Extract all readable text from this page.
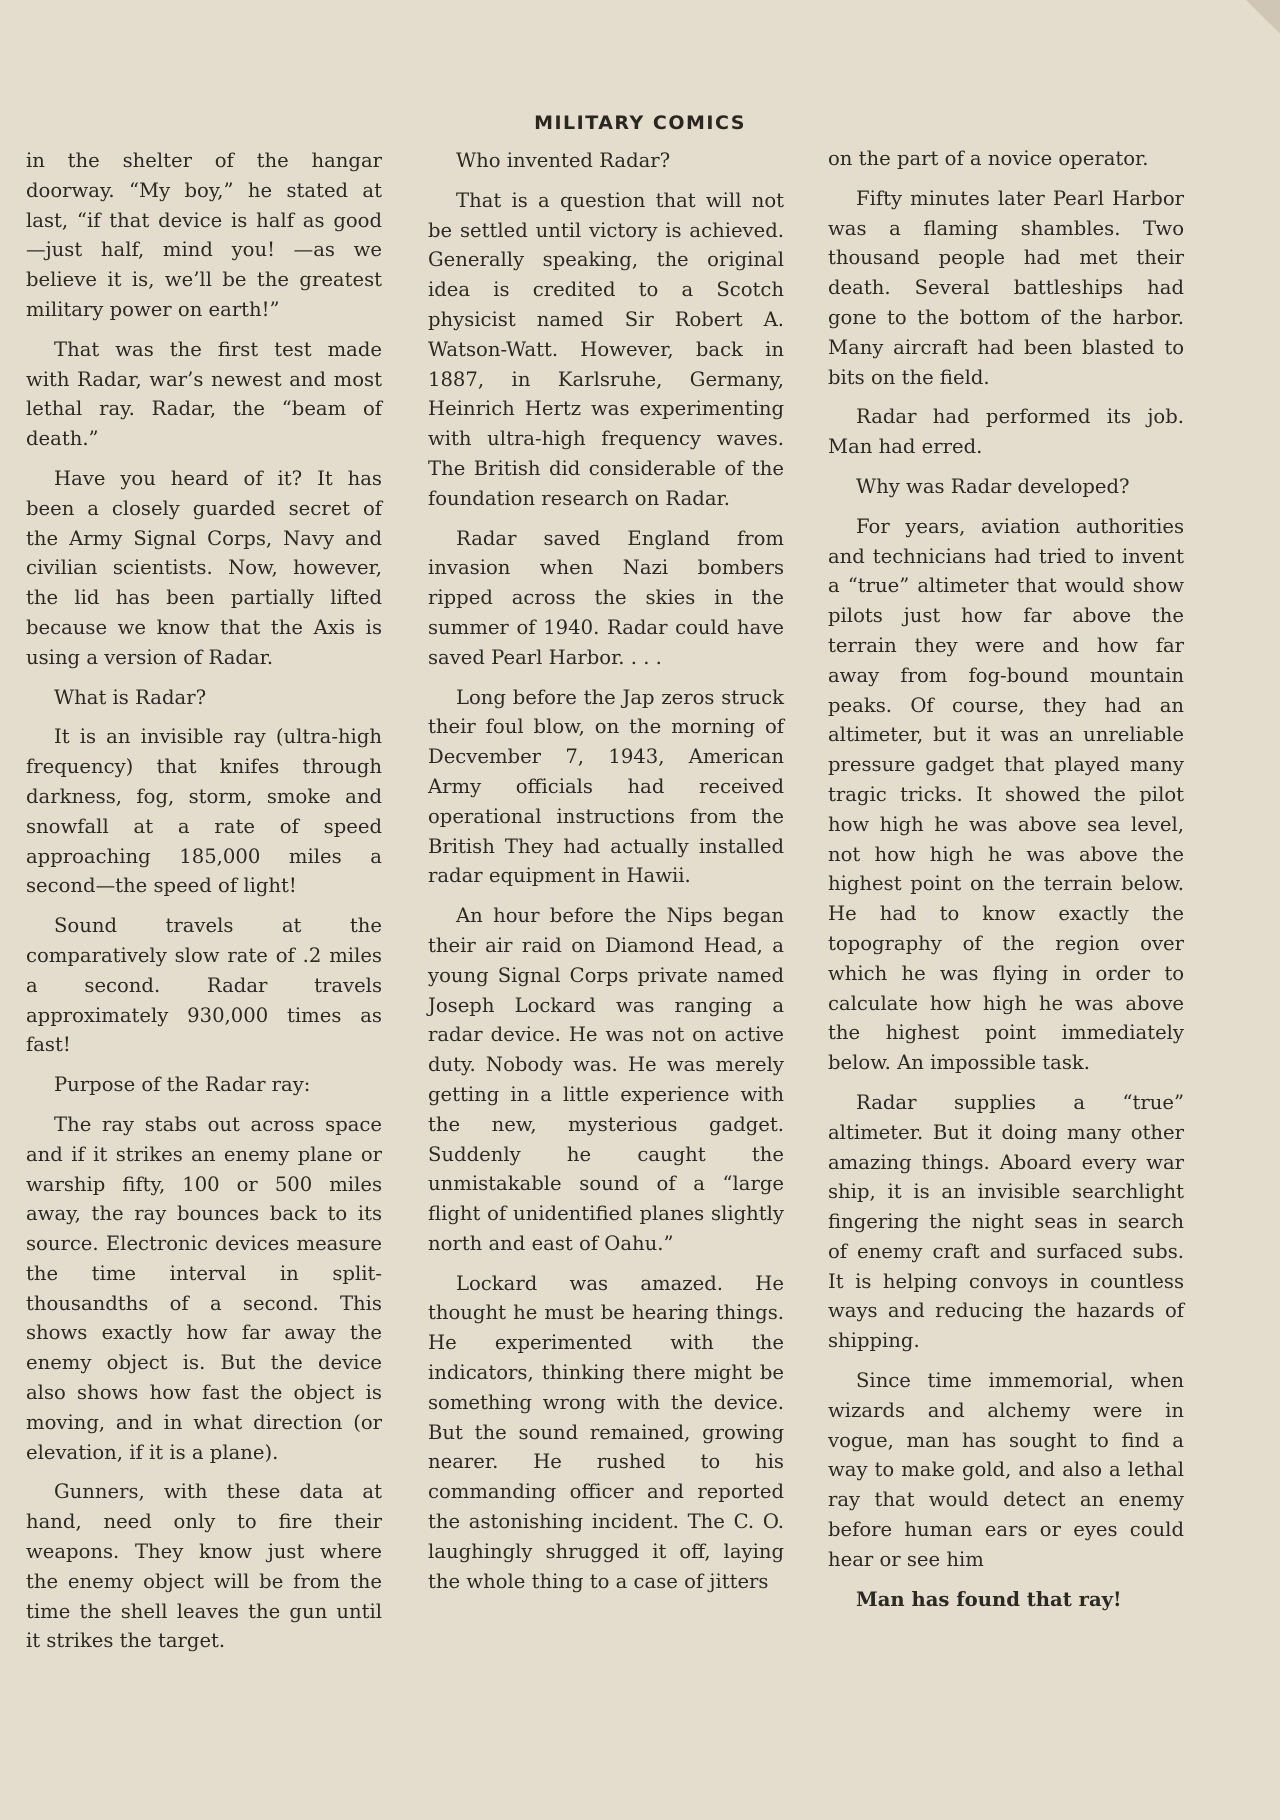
MILITARY COMICS

in the shelter of the hangar doorway. “My boy,” he stated at last, “if that device is half as good—just half, mind you! —as we believe it is, we’ll be the greatest military power on earth!”

That was the first test made with Radar, war’s newest and most lethal ray. Radar, the “beam of death.”

Have you heard of it? It has been a closely guarded secret of the Army Signal Corps, Navy and civilian scientists. Now, however, the lid has been partially lifted because we know that the Axis is using a version of Radar.

What is Radar?

It is an invisible ray (ultra-high frequency) that knifes through darkness, fog, storm, smoke and snowfall at a rate of speed approaching 185,000 miles a second—the speed of light!

Sound travels at the comparatively slow rate of .2 miles a second. Radar travels approximately 930,000 times as fast!

Purpose of the Radar ray:

The ray stabs out across space and if it strikes an enemy plane or warship fifty, 100 or 500 miles away, the ray bounces back to its source. Electronic devices measure the time interval in split-thousandths of a second. This shows exactly how far away the enemy object is. But the device also shows how fast the object is moving, and in what direction (or elevation, if it is a plane).

Gunners, with these data at hand, need only to fire their weapons. They know just where the enemy object will be from the time the shell leaves the gun until it strikes the target.

Who invented Radar?

That is a question that will not be settled until victory is achieved. Generally speaking, the original idea is credited to a Scotch physicist named Sir Robert A. Watson-Watt. However, back in 1887, in Karlsruhe, Germany, Heinrich Hertz was experimenting with ultra-high frequency waves. The British did considerable of the foundation research on Radar.

Radar saved England from invasion when Nazi bombers ripped across the skies in the summer of 1940. Radar could have saved Pearl Harbor. . . .

Long before the Jap zeros struck their foul blow, on the morning of Decvember 7, 1943, American Army officials had received operational instructions from the British They had actually installed radar equipment in Hawii.

An hour before the Nips began their air raid on Diamond Head, a young Signal Corps private named Joseph Lockard was ranging a radar device. He was not on active duty. Nobody was. He was merely getting in a little experience with the new, mysterious gadget. Suddenly he caught the unmistakable sound of a “large flight of unidentified planes slightly north and east of Oahu.”

Lockard was amazed. He thought he must be hearing things. He experimented with the indicators, thinking there might be something wrong with the device. But the sound remained, growing nearer. He rushed to his commanding officer and reported the astonishing incident. The C. O. laughingly shrugged it off, laying the whole thing to a case of jitters

on the part of a novice operator.

Fifty minutes later Pearl Harbor was a flaming shambles. Two thousand people had met their death. Several battleships had gone to the bottom of the harbor. Many aircraft had been blasted to bits on the field.

Radar had performed its job. Man had erred.

Why was Radar developed?

For years, aviation authorities and technicians had tried to invent a “true” altimeter that would show pilots just how far above the terrain they were and how far away from fog-bound mountain peaks. Of course, they had an altimeter, but it was an unreliable pressure gadget that played many tragic tricks. It showed the pilot how high he was above sea level, not how high he was above the highest point on the terrain below. He had to know exactly the topography of the region over which he was flying in order to calculate how high he was above the highest point immediately below. An impossible task.

Radar supplies a “true” altimeter. But it doing many other amazing things. Aboard every war ship, it is an invisible searchlight fingering the night seas in search of enemy craft and surfaced subs. It is helping convoys in countless ways and reducing the hazards of shipping.

Since time immemorial, when wizards and alchemy were in vogue, man has sought to find a way to make gold, and also a lethal ray that would detect an enemy before human ears or eyes could hear or see him

Man has found that ray!
